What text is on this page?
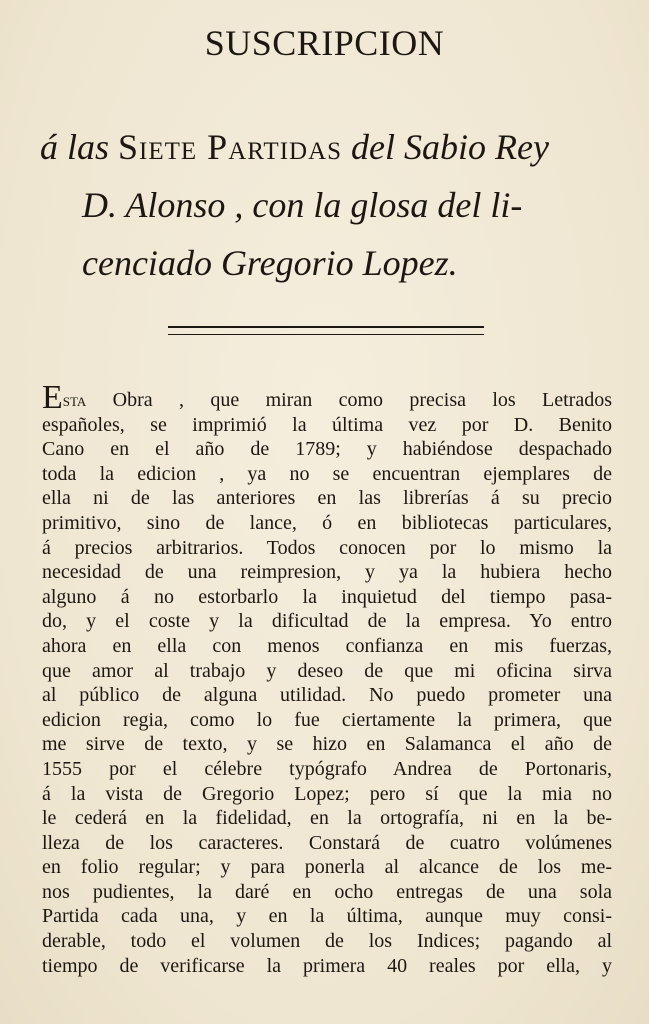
SUSCRIPCION
á las Siete Partidas del Sabio Rey
D. Alonso , con la glosa del li-
cenciado Gregorio Lopez.
Esta Obra , que miran como precisa los Letrados
españoles, se imprimió la última vez por D. Benito
Cano en el año de 1789; y habiéndose despachado
toda la edicion , ya no se encuentran ejemplares de
ella ni de las anteriores en las librerías á su precio
primitivo, sino de lance, ó en bibliotecas particulares,
á precios arbitrarios. Todos conocen por lo mismo la
necesidad de una reimpresion, y ya la hubiera hecho
alguno á no estorbarlo la inquietud del tiempo pasa-
do, y el coste y la dificultad de la empresa. Yo entro
ahora en ella con menos confianza en mis fuerzas,
que amor al trabajo y deseo de que mi oficina sirva
al público de alguna utilidad. No puedo prometer una
edicion regia, como lo fue ciertamente la primera, que
me sirve de texto, y se hizo en Salamanca el año de
1555 por el célebre typógrafo Andrea de Portonaris,
á la vista de Gregorio Lopez; pero sí que la mia no
le cederá en la fidelidad, en la ortografía, ni en la be-
lleza de los caracteres. Constará de cuatro volúmenes
en folio regular; y para ponerla al alcance de los me-
nos pudientes, la daré en ocho entregas de una sola
Partida cada una, y en la última, aunque muy consi-
derable, todo el volumen de los Indices; pagando al
tiempo de verificarse la primera 40 reales por ella, y
